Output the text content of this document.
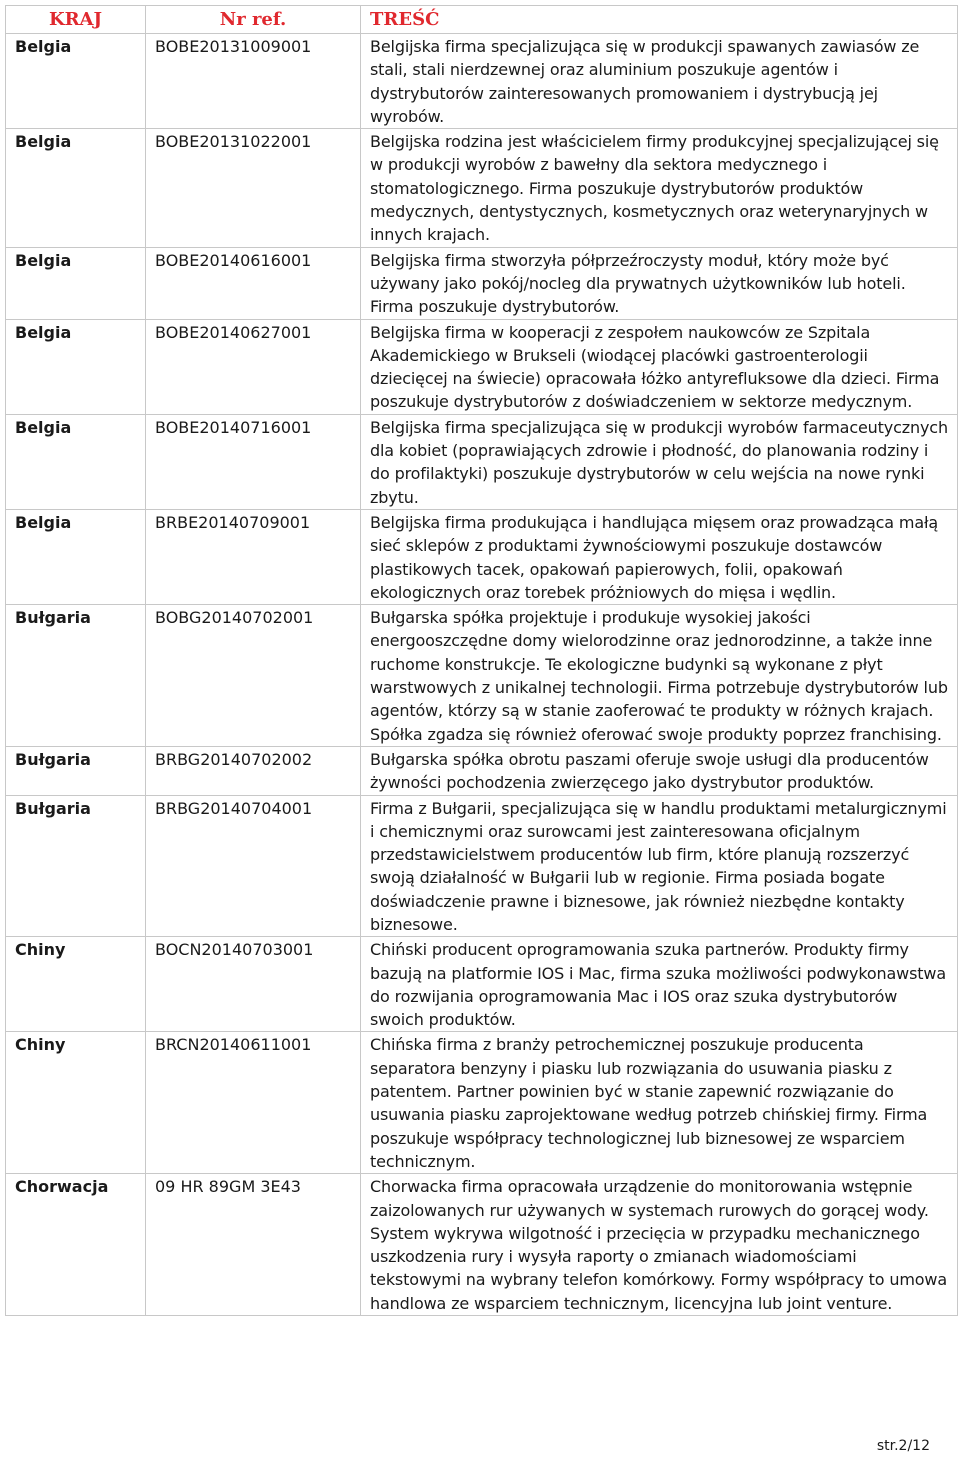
KRAJ	Nr ref.	TREŚĆ
Belgia	BOBE20131009001	Belgijska firma specjalizująca się w produkcji spawanych zawiasów ze stali, stali nierdzewnej oraz aluminium poszukuje agentów i dystrybutorów zainteresowanych promowaniem i dystrybucją jej wyrobów.
Belgia	BOBE20131022001	Belgijska rodzina jest właścicielem firmy produkcyjnej specjalizującej się w produkcji wyrobów z bawełny dla sektora medycznego i stomatologicznego. Firma poszukuje dystrybutorów produktów medycznych, dentystycznych, kosmetycznych oraz weterynaryjnych w innych krajach.
Belgia	BOBE20140616001	Belgijska firma stworzyła półprzeźroczysty moduł, który może być używany jako pokój/nocleg dla prywatnych użytkowników lub hoteli. Firma poszukuje dystrybutorów.
Belgia	BOBE20140627001	Belgijska firma w kooperacji z zespołem naukowców ze Szpitala Akademickiego w Brukseli (wiodącej placówki gastroenterologii dziecięcej na świecie) opracowała łóżko antyrefluksowe dla dzieci. Firma poszukuje dystrybutorów z doświadczeniem w sektorze medycznym.
Belgia	BOBE20140716001	Belgijska firma specjalizująca się w produkcji wyrobów farmaceutycznych dla kobiet (poprawiających zdrowie i płodność, do planowania rodziny i do profilaktyki) poszukuje dystrybutorów w celu wejścia na nowe rynki zbytu.
Belgia	BRBE20140709001	Belgijska firma produkująca i handlująca mięsem oraz prowadząca małą sieć sklepów z produktami żywnościowymi poszukuje dostawców plastikowych tacek, opakowań papierowych, folii, opakowań ekologicznych oraz torebek próżniowych do mięsa i wędlin.
Bułgaria	BOBG20140702001	Bułgarska spółka projektuje i produkuje wysokiej jakości energooszczędne domy wielorodzinne oraz jednorodzinne, a także inne ruchome konstrukcje. Te ekologiczne budynki są wykonane z płyt warstwowych z unikalnej technologii. Firma potrzebuje dystrybutorów lub agentów, którzy są w stanie zaoferować te produkty w różnych krajach. Spółka zgadza się również oferować swoje produkty poprzez franchising.
Bułgaria	BRBG20140702002	Bułgarska spółka obrotu paszami oferuje swoje usługi dla producentów żywności pochodzenia zwierzęcego jako dystrybutor produktów.
Bułgaria	BRBG20140704001	Firma z Bułgarii, specjalizująca się w handlu produktami metalurgicznymi i chemicznymi oraz surowcami jest zainteresowana oficjalnym przedstawicielstwem producentów lub firm, które planują rozszerzyć swoją działalność w Bułgarii lub w regionie. Firma posiada bogate doświadczenie prawne i biznesowe, jak również niezbędne kontakty biznesowe.
Chiny	BOCN20140703001	Chiński producent oprogramowania szuka partnerów. Produkty firmy bazują na platformie IOS i Mac, firma szuka możliwości podwykonawstwa do rozwijania oprogramowania Mac i IOS oraz szuka dystrybutorów swoich produktów.
Chiny	BRCN20140611001	Chińska firma z branży petrochemicznej poszukuje producenta separatora benzyny i piasku lub rozwiązania do usuwania piasku z patentem. Partner powinien być w stanie zapewnić rozwiązanie do usuwania piasku zaprojektowane według potrzeb chińskiej firmy. Firma poszukuje współpracy technologicznej lub biznesowej ze wsparciem technicznym.
Chorwacja	09 HR 89GM 3E43	Chorwacka firma opracowała urządzenie do monitorowania wstępnie zaizolowanych rur używanych w systemach rurowych do gorącej wody. System wykrywa wilgotność i przecięcia w przypadku mechanicznego uszkodzenia rury i wysyła raporty o zmianach wiadomościami tekstowymi na wybrany telefon komórkowy. Formy współpracy to umowa handlowa ze wsparciem technicznym, licencyjna lub joint venture.
str.2/12
